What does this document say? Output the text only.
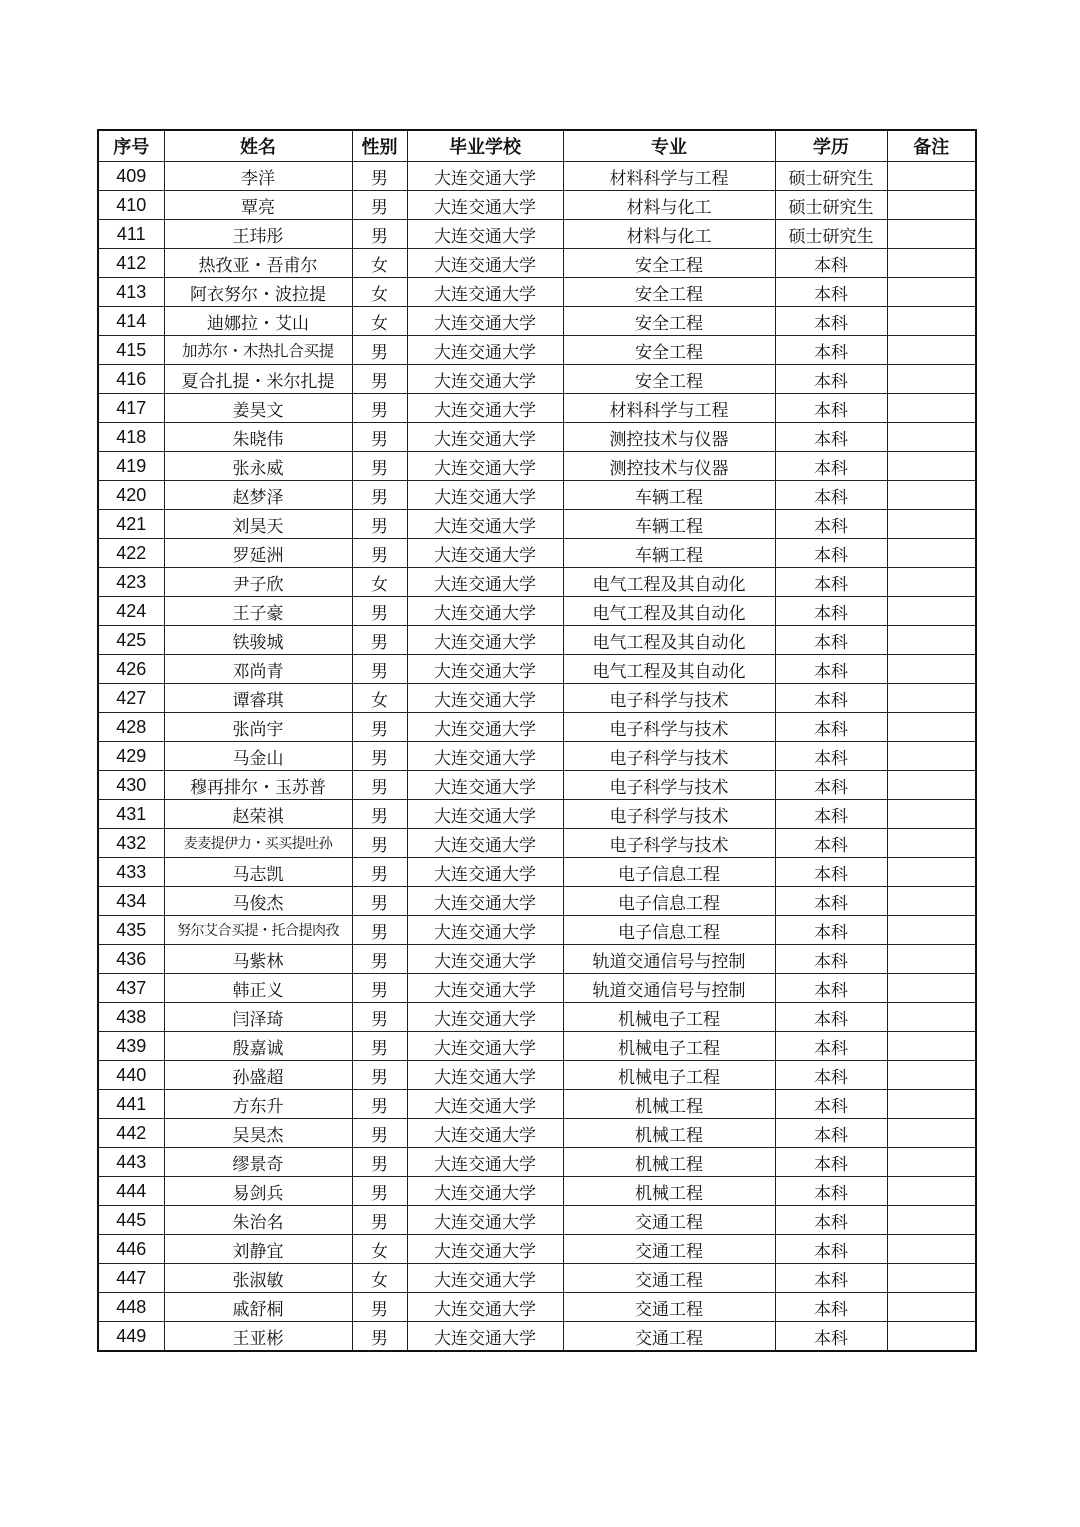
序号	姓名	性别	毕业学校	专业	学历	备注
409	李洋	男	大连交通大学	材料科学与工程	硕士研究生	
410	覃亮	男	大连交通大学	材料与化工	硕士研究生	
411	王玮彤	男	大连交通大学	材料与化工	硕士研究生	
412	热孜亚・吾甫尔	女	大连交通大学	安全工程	本科	
413	阿衣努尔・波拉提	女	大连交通大学	安全工程	本科	
414	迪娜拉・艾山	女	大连交通大学	安全工程	本科	
415	加苏尔・木热扎合买提	男	大连交通大学	安全工程	本科	
416	夏合扎提・米尔扎提	男	大连交通大学	安全工程	本科	
417	姜昊文	男	大连交通大学	材料科学与工程	本科	
418	朱晓伟	男	大连交通大学	测控技术与仪器	本科	
419	张永威	男	大连交通大学	测控技术与仪器	本科	
420	赵梦泽	男	大连交通大学	车辆工程	本科	
421	刘昊天	男	大连交通大学	车辆工程	本科	
422	罗延洲	男	大连交通大学	车辆工程	本科	
423	尹子欣	女	大连交通大学	电气工程及其自动化	本科	
424	王子豪	男	大连交通大学	电气工程及其自动化	本科	
425	铁骏城	男	大连交通大学	电气工程及其自动化	本科	
426	邓尚青	男	大连交通大学	电气工程及其自动化	本科	
427	谭睿琪	女	大连交通大学	电子科学与技术	本科	
428	张尚宇	男	大连交通大学	电子科学与技术	本科	
429	马金山	男	大连交通大学	电子科学与技术	本科	
430	穆再排尔・玉苏普	男	大连交通大学	电子科学与技术	本科	
431	赵荣祺	男	大连交通大学	电子科学与技术	本科	
432	麦麦提伊力・买买提吐孙	男	大连交通大学	电子科学与技术	本科	
433	马志凯	男	大连交通大学	电子信息工程	本科	
434	马俊杰	男	大连交通大学	电子信息工程	本科	
435	努尔艾合买提・托合提肉孜	男	大连交通大学	电子信息工程	本科	
436	马紫林	男	大连交通大学	轨道交通信号与控制	本科	
437	韩正义	男	大连交通大学	轨道交通信号与控制	本科	
438	闫泽琦	男	大连交通大学	机械电子工程	本科	
439	殷嘉诚	男	大连交通大学	机械电子工程	本科	
440	孙盛超	男	大连交通大学	机械电子工程	本科	
441	方东升	男	大连交通大学	机械工程	本科	
442	吴昊杰	男	大连交通大学	机械工程	本科	
443	缪景奇	男	大连交通大学	机械工程	本科	
444	易剑兵	男	大连交通大学	机械工程	本科	
445	朱治名	男	大连交通大学	交通工程	本科	
446	刘静宜	女	大连交通大学	交通工程	本科	
447	张淑敏	女	大连交通大学	交通工程	本科	
448	戚舒桐	男	大连交通大学	交通工程	本科	
449	王亚彬	男	大连交通大学	交通工程	本科	
